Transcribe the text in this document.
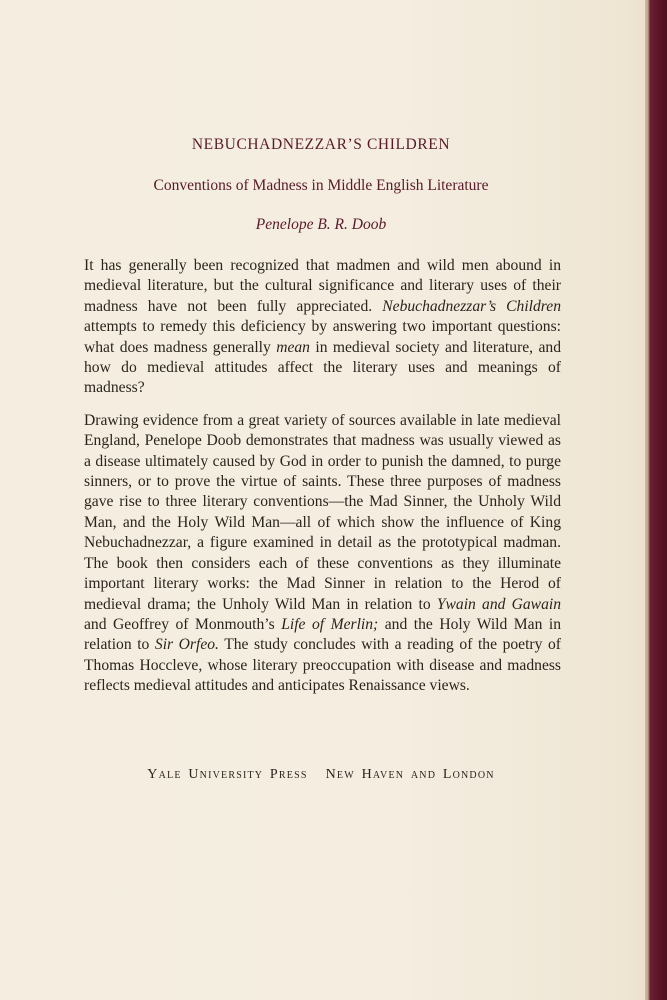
NEBUCHADNEZZAR’S CHILDREN
Conventions of Madness in Middle English Literature
Penelope B. R. Doob

It has generally been recognized that madmen and wild men abound in medieval literature, but the cultural significance and literary uses of their madness have not been fully appreciated. Nebuchadnezzar’s Children attempts to remedy this deficiency by answering two important questions: what does madness generally mean in medieval society and literature, and how do medieval attitudes affect the literary uses and meanings of madness?

Drawing evidence from a great variety of sources available in late medieval England, Penelope Doob demonstrates that madness was usually viewed as a disease ultimately caused by God in order to punish the damned, to purge sinners, or to prove the virtue of saints. These three purposes of madness gave rise to three literary conventions—the Mad Sinner, the Unholy Wild Man, and the Holy Wild Man—all of which show the influence of King Nebuchadnezzar, a figure examined in detail as the prototypical madman. The book then considers each of these conventions as they illuminate important literary works: the Mad Sinner in relation to the Herod of medieval drama; the Unholy Wild Man in relation to Ywain and Gawain and Geoffrey of Monmouth’s Life of Merlin; and the Holy Wild Man in relation to Sir Orfeo. The study concludes with a reading of the poetry of Thomas Hoccleve, whose literary preoccupation with disease and madness reflects medieval attitudes and anticipates Renaissance views.

Yale University Press New Haven and London
